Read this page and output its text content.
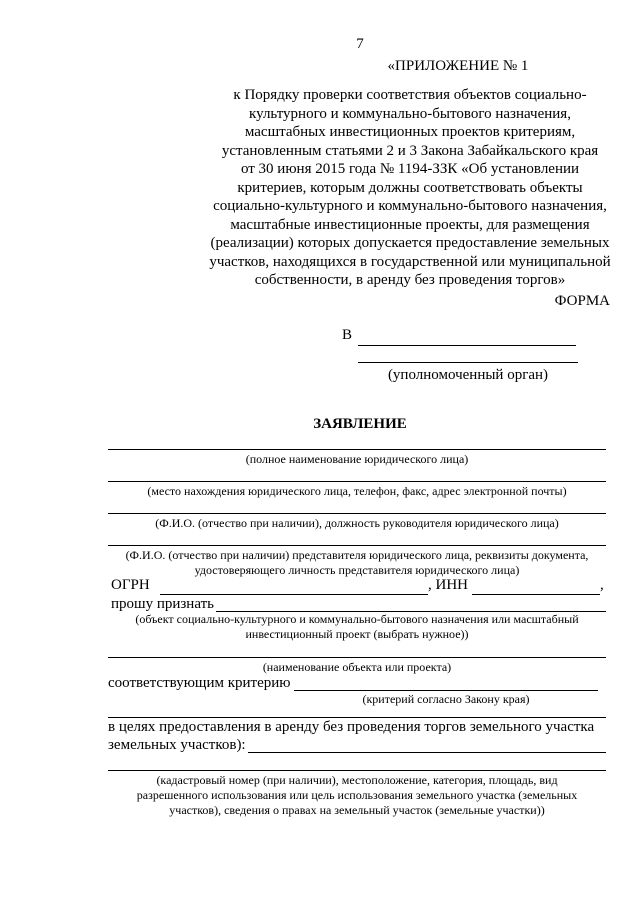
7
«ПРИЛОЖЕНИЕ № 1
к Порядку проверки соответствия объектов социально-
культурного и коммунально-бытового назначения,
масштабных инвестиционных проектов критериям,
установленным статьями 2 и 3 Закона Забайкальского края
от 30 июня 2015 года № 1194-ЗЗК «Об установлении
критериев, которым должны соответствовать объекты
социально-культурного и коммунально-бытового назначения,
масштабные инвестиционные проекты, для размещения
(реализации) которых допускается предоставление земельных
участков, находящихся в государственной или муниципальной
собственности, в аренду без проведения торгов»
ФОРМА
В
(уполномоченный орган)
ЗАЯВЛЕНИЕ
(полное наименование юридического лица)
(место нахождения юридического лица, телефон, факс, адрес электронной почты)
(Ф.И.О. (отчество при наличии), должность руководителя юридического лица)
(Ф.И.О. (отчество при наличии) представителя юридического лица, реквизиты документа,
удостоверяющего личность представителя юридического лица)
ОГРН	, ИНН	,
прошу признать
(объект социально-культурного и коммунально-бытового назначения или масштабный
инвестиционный проект (выбрать нужное))
(наименование объекта или проекта)
соответствующим критерию
(критерий согласно Закону края)
в целях предоставления в аренду без проведения торгов земельного участка
земельных участков):
(кадастровый номер (при наличии), местоположение, категория, площадь, вид
разрешенного использования или цель использования земельного участка (земельных
участков), сведения о правах на земельный участок (земельные участки))
